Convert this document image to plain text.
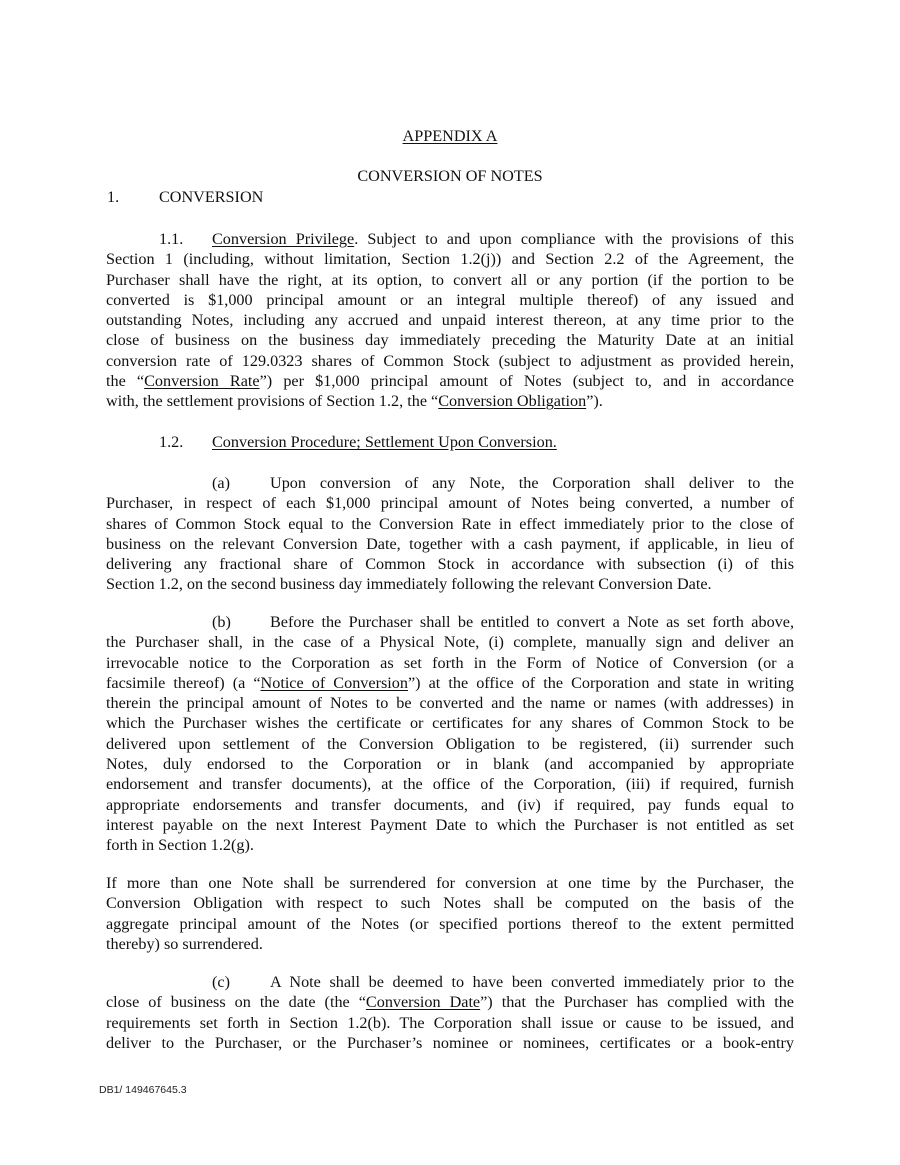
APPENDIX A
CONVERSION OF NOTES
1. CONVERSION
1.1. Conversion Privilege. Subject to and upon compliance with the provisions of this
Section 1 (including, without limitation, Section 1.2(j)) and Section 2.2 of the Agreement, the
Purchaser shall have the right, at its option, to convert all or any portion (if the portion to be
converted is $1,000 principal amount or an integral multiple thereof) of any issued and
outstanding Notes, including any accrued and unpaid interest thereon, at any time prior to the
close of business on the business day immediately preceding the Maturity Date at an initial
conversion rate of 129.0323 shares of Common Stock (subject to adjustment as provided herein,
the “Conversion Rate”) per $1,000 principal amount of Notes (subject to, and in accordance
with, the settlement provisions of Section 1.2, the “Conversion Obligation”).
1.2. Conversion Procedure; Settlement Upon Conversion.
(a) Upon conversion of any Note, the Corporation shall deliver to the
Purchaser, in respect of each $1,000 principal amount of Notes being converted, a number of
shares of Common Stock equal to the Conversion Rate in effect immediately prior to the close of
business on the relevant Conversion Date, together with a cash payment, if applicable, in lieu of
delivering any fractional share of Common Stock in accordance with subsection (i) of this
Section 1.2, on the second business day immediately following the relevant Conversion Date.
(b) Before the Purchaser shall be entitled to convert a Note as set forth above,
the Purchaser shall, in the case of a Physical Note, (i) complete, manually sign and deliver an
irrevocable notice to the Corporation as set forth in the Form of Notice of Conversion (or a
facsimile thereof) (a “Notice of Conversion”) at the office of the Corporation and state in writing
therein the principal amount of Notes to be converted and the name or names (with addresses) in
which the Purchaser wishes the certificate or certificates for any shares of Common Stock to be
delivered upon settlement of the Conversion Obligation to be registered, (ii) surrender such
Notes, duly endorsed to the Corporation or in blank (and accompanied by appropriate
endorsement and transfer documents), at the office of the Corporation, (iii) if required, furnish
appropriate endorsements and transfer documents, and (iv) if required, pay funds equal to
interest payable on the next Interest Payment Date to which the Purchaser is not entitled as set
forth in Section 1.2(g).
If more than one Note shall be surrendered for conversion at one time by the Purchaser, the
Conversion Obligation with respect to such Notes shall be computed on the basis of the
aggregate principal amount of the Notes (or specified portions thereof to the extent permitted
thereby) so surrendered.
(c) A Note shall be deemed to have been converted immediately prior to the
close of business on the date (the “Conversion Date”) that the Purchaser has complied with the
requirements set forth in Section 1.2(b). The Corporation shall issue or cause to be issued, and
deliver to the Purchaser, or the Purchaser’s nominee or nominees, certificates or a book-entry
DB1/ 149467645.3
